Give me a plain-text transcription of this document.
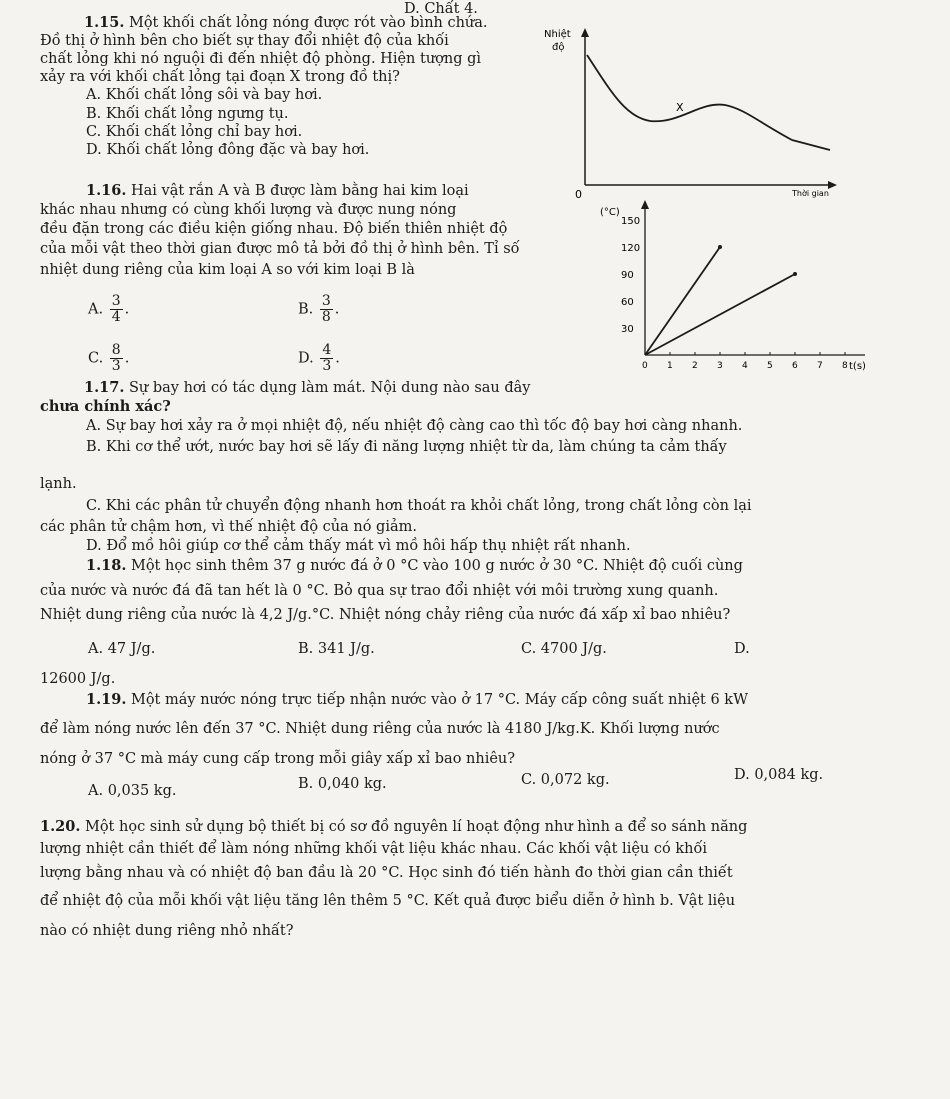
D. Chất 4.
1.15. Một khối chất lỏng nóng được rót vào bình chứa.
Đồ thị ở hình bên cho biết sự thay đổi nhiệt độ của khối
chất lỏng khi nó nguội đi đến nhiệt độ phòng. Hiện tượng gì
xảy ra với khối chất lỏng tại đoạn X trong đồ thị?
A. Khối chất lỏng sôi và bay hơi.
B. Khối chất lỏng ngưng tụ.
C. Khối chất lỏng chỉ bay hơi.
D. Khối chất lỏng đông đặc và bay hơi.
Nhiệt
độ
X
0	Thời gian
1.16. Hai vật rắn A và B được làm bằng hai kim loại
khác nhau nhưng có cùng khối lượng và được nung nóng
đều đặn trong các điều kiện giống nhau. Độ biến thiên nhiệt độ
của mỗi vật theo thời gian được mô tả bởi đồ thị ở hình bên. Tỉ số
nhiệt dung riêng của kim loại A so với kim loại B là
A. $\frac{3}{4}$ .	B. $\frac{3}{8}$ .
C. $\frac{8}{3}$ .	D. $\frac{4}{3}$ .
(°C)
t(s)
0 1 2 3 4 5 6 7 8
30
60
90
120
150
1.17. Sự bay hơi có tác dụng làm mát. Nội dung nào sau đây
chưa chính xác?
A. Sự bay hơi xảy ra ở mọi nhiệt độ, nếu nhiệt độ càng cao thì tốc độ bay hơi càng nhanh.
B. Khi cơ thể ướt, nước bay hơi sẽ lấy đi năng lượng nhiệt từ da, làm chúng ta cảm thấy
lạnh.
C. Khi các phân tử chuyển động nhanh hơn thoát ra khỏi chất lỏng, trong chất lỏng còn lại
các phân tử chậm hơn, vì thế nhiệt độ của nó giảm.
D. Đổ mồ hôi giúp cơ thể cảm thấy mát vì mồ hôi hấp thụ nhiệt rất nhanh.
1.18. Một học sinh thêm 37 g nước đá ở 0 °C vào 100 g nước ở 30 °C. Nhiệt độ cuối cùng
của nước và nước đá đã tan hết là 0 °C. Bỏ qua sự trao đổi nhiệt với môi trường xung quanh.
Nhiệt dung riêng của nước là 4,2 J/g.°C. Nhiệt nóng chảy riêng của nước đá xấp xỉ bao nhiêu?
A. 47 J/g.	B. 341 J/g.	C. 4700 J/g.	D.
12600 J/g.
1.19. Một máy nước nóng trực tiếp nhận nước vào ở 17 °C. Máy cấp công suất nhiệt 6 kW
để làm nóng nước lên đến 37 °C. Nhiệt dung riêng của nước là 4180 J/kg.K. Khối lượng nước
nóng ở 37 °C mà máy cung cấp trong mỗi giây xấp xỉ bao nhiêu?
A. 0,035 kg.	B. 0,040 kg.	C. 0,072 kg.	D. 0,084 kg.
1.20. Một học sinh sử dụng bộ thiết bị có sơ đồ nguyên lí hoạt động như hình a để so sánh năng
lượng nhiệt cần thiết để làm nóng những khối vật liệu khác nhau. Các khối vật liệu có khối
lượng bằng nhau và có nhiệt độ ban đầu là 20 °C. Học sinh đó tiến hành đo thời gian cần thiết
để nhiệt độ của mỗi khối vật liệu tăng lên thêm 5 °C. Kết quả được biểu diễn ở hình b. Vật liệu
nào có nhiệt dung riêng nhỏ nhất?
